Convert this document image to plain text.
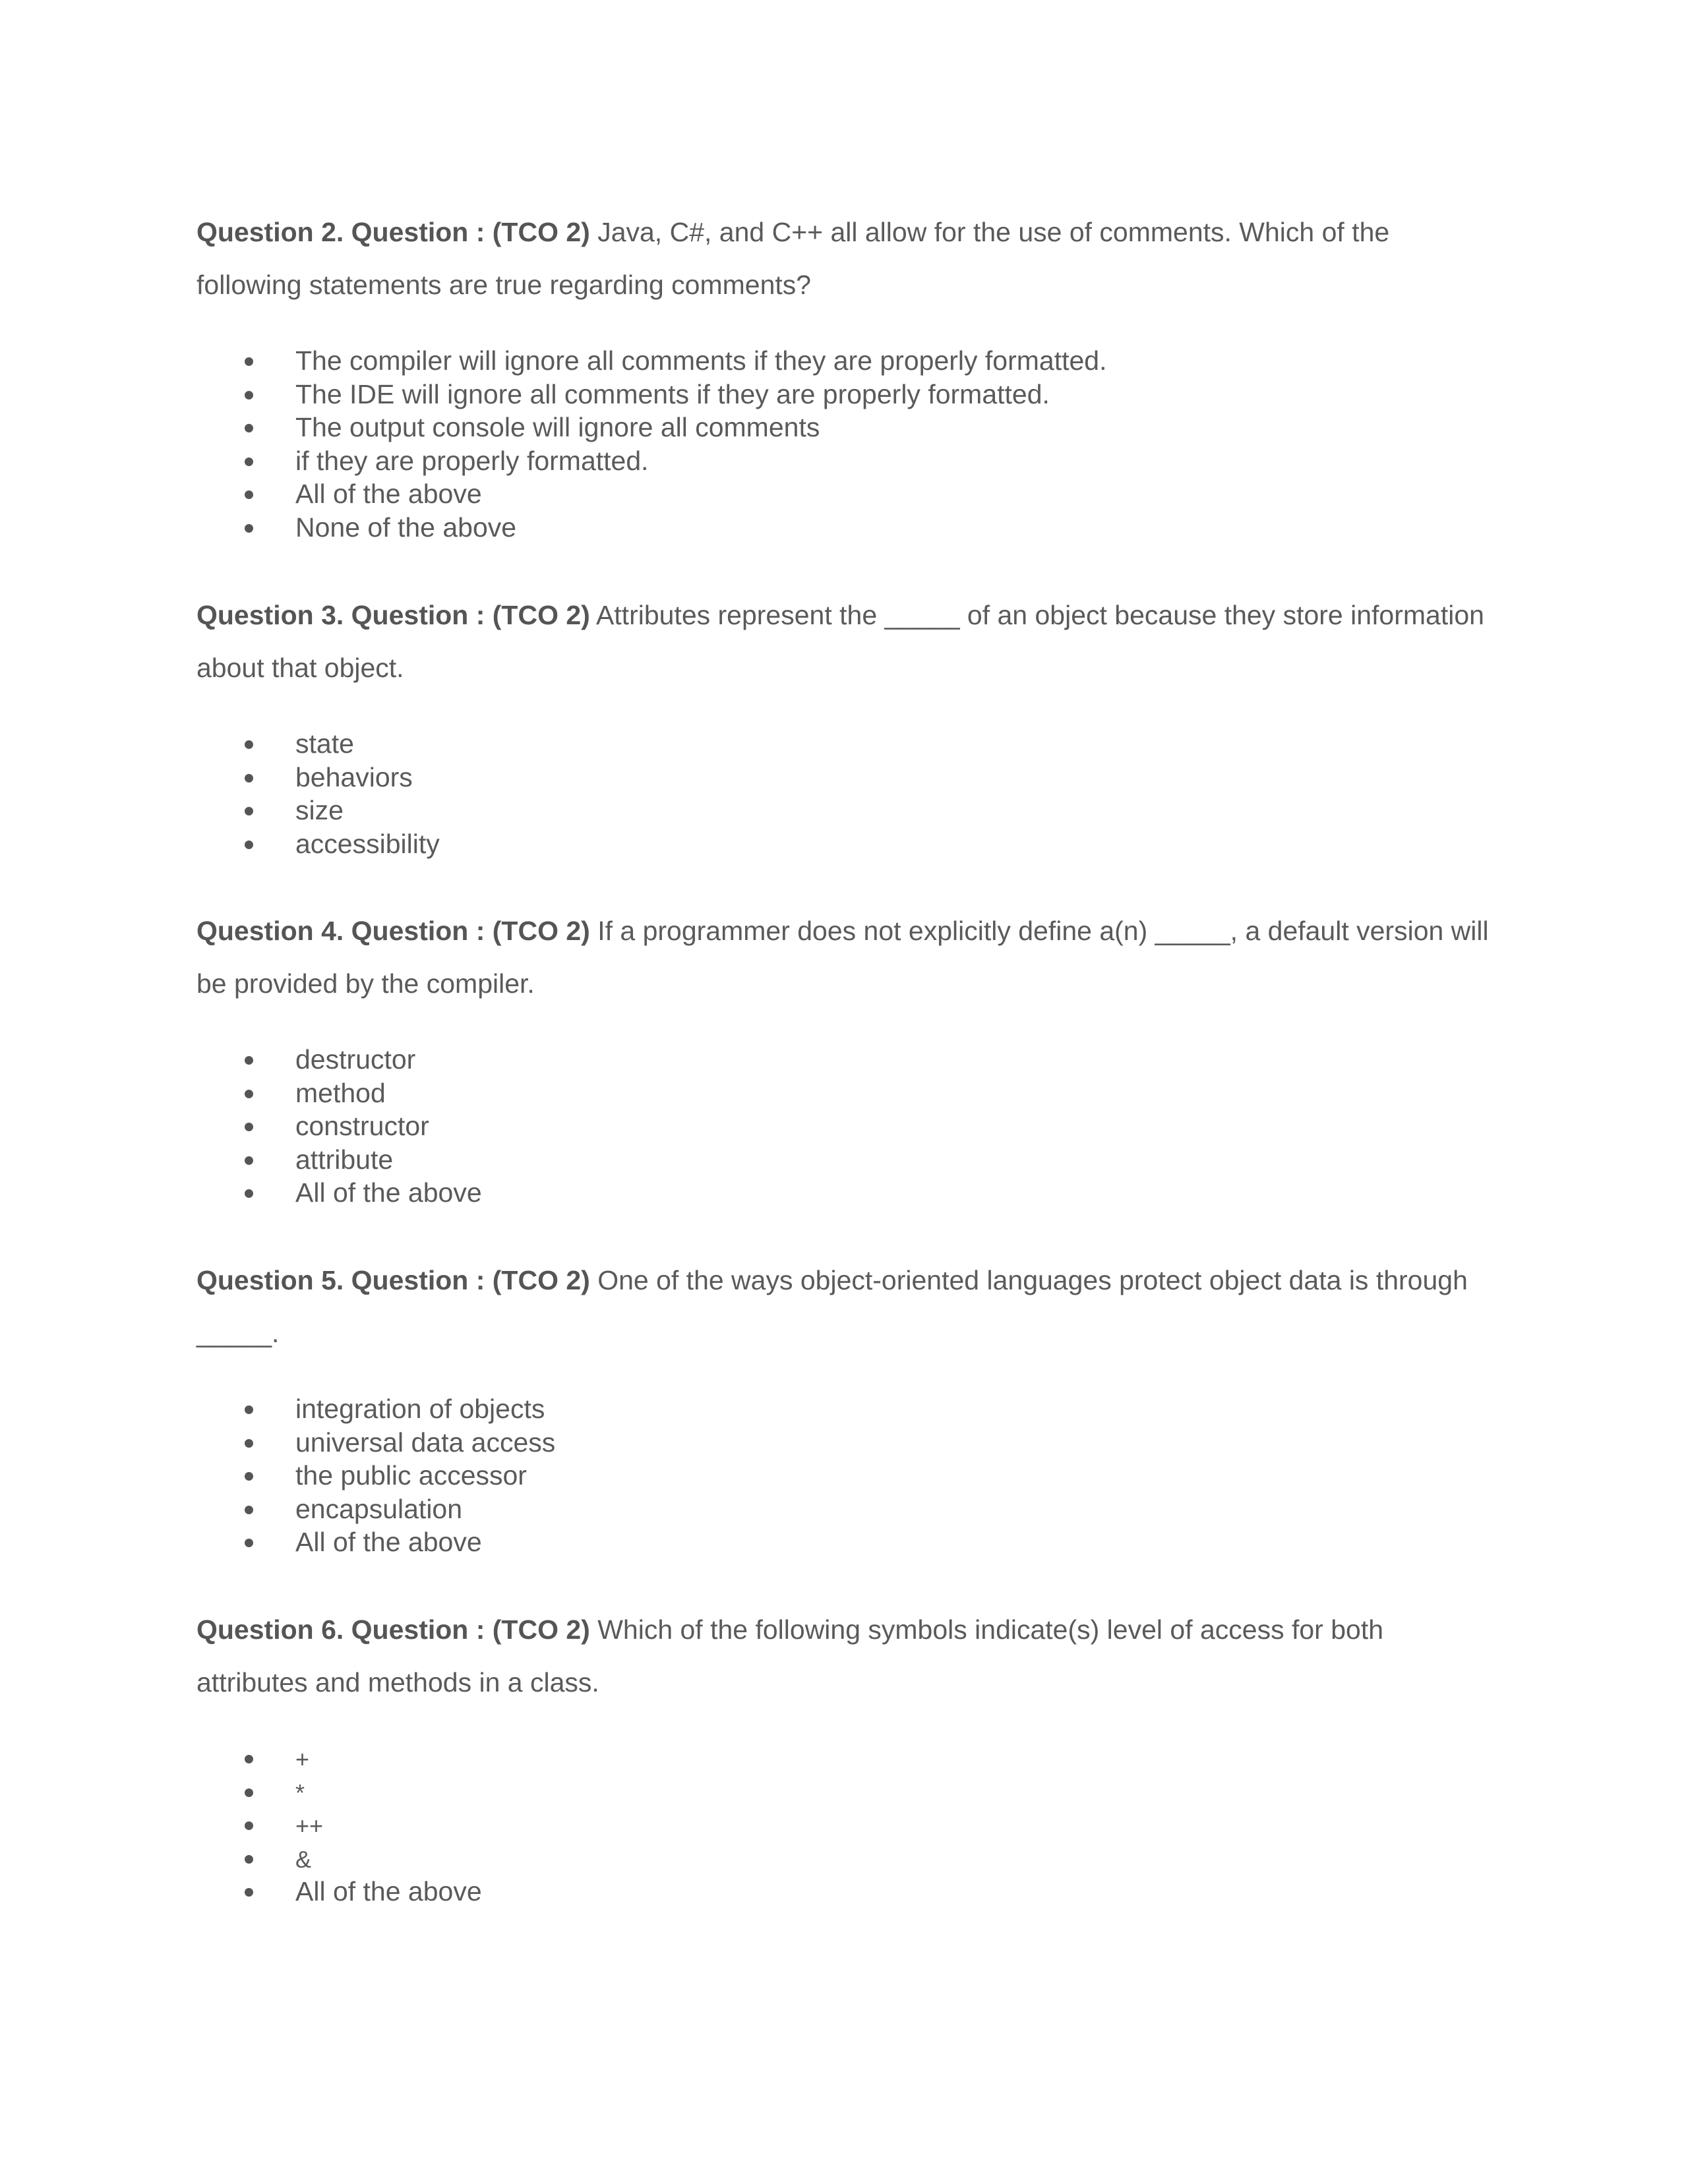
Question 2. Question : (TCO 2) Java, C#, and C++ all allow for the use of comments. Which of the following statements are true regarding comments?

The compiler will ignore all comments if they are properly formatted.
The IDE will ignore all comments if they are properly formatted.
The output console will ignore all comments
if they are properly formatted.
All of the above
None of the above

Question 3. Question : (TCO 2) Attributes represent the _____ of an object because they store information about that object.

state
behaviors
size
accessibility

Question 4. Question : (TCO 2) If a programmer does not explicitly define a(n) _____, a default version will be provided by the compiler.

destructor
method
constructor
attribute
All of the above

Question 5. Question : (TCO 2) One of the ways object-oriented languages protect object data is through _____.

integration of objects
universal data access
the public accessor
encapsulation
All of the above

Question 6. Question : (TCO 2) Which of the following symbols indicate(s) level of access for both attributes and methods in a class.

+
*
++
&
All of the above
